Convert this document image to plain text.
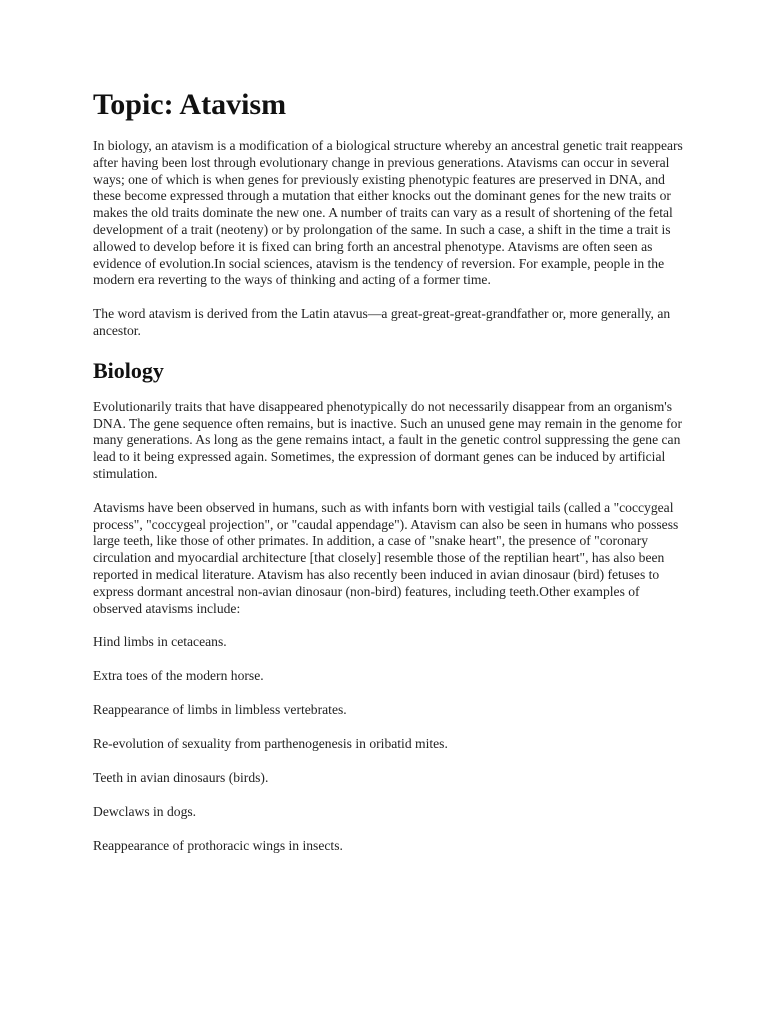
Topic: Atavism

In biology, an atavism is a modification of a biological structure whereby an ancestral genetic trait reappears after having been lost through evolutionary change in previous generations. Atavisms can occur in several ways; one of which is when genes for previously existing phenotypic features are preserved in DNA, and these become expressed through a mutation that either knocks out the dominant genes for the new traits or makes the old traits dominate the new one. A number of traits can vary as a result of shortening of the fetal development of a trait (neoteny) or by prolongation of the same. In such a case, a shift in the time a trait is allowed to develop before it is fixed can bring forth an ancestral phenotype. Atavisms are often seen as evidence of evolution.In social sciences, atavism is the tendency of reversion. For example, people in the modern era reverting to the ways of thinking and acting of a former time.

The word atavism is derived from the Latin atavus—a great-great-great-grandfather or, more generally, an ancestor.

Biology

Evolutionarily traits that have disappeared phenotypically do not necessarily disappear from an organism's DNA. The gene sequence often remains, but is inactive. Such an unused gene may remain in the genome for many generations. As long as the gene remains intact, a fault in the genetic control suppressing the gene can lead to it being expressed again. Sometimes, the expression of dormant genes can be induced by artificial stimulation.

Atavisms have been observed in humans, such as with infants born with vestigial tails (called a "coccygeal process", "coccygeal projection", or "caudal appendage"). Atavism can also be seen in humans who possess large teeth, like those of other primates. In addition, a case of "snake heart", the presence of "coronary circulation and myocardial architecture [that closely] resemble those of the reptilian heart", has also been reported in medical literature. Atavism has also recently been induced in avian dinosaur (bird) fetuses to express dormant ancestral non-avian dinosaur (non-bird) features, including teeth.Other examples of observed atavisms include:

Hind limbs in cetaceans.

Extra toes of the modern horse.

Reappearance of limbs in limbless vertebrates.

Re-evolution of sexuality from parthenogenesis in oribatid mites.

Teeth in avian dinosaurs (birds).

Dewclaws in dogs.

Reappearance of prothoracic wings in insects.
